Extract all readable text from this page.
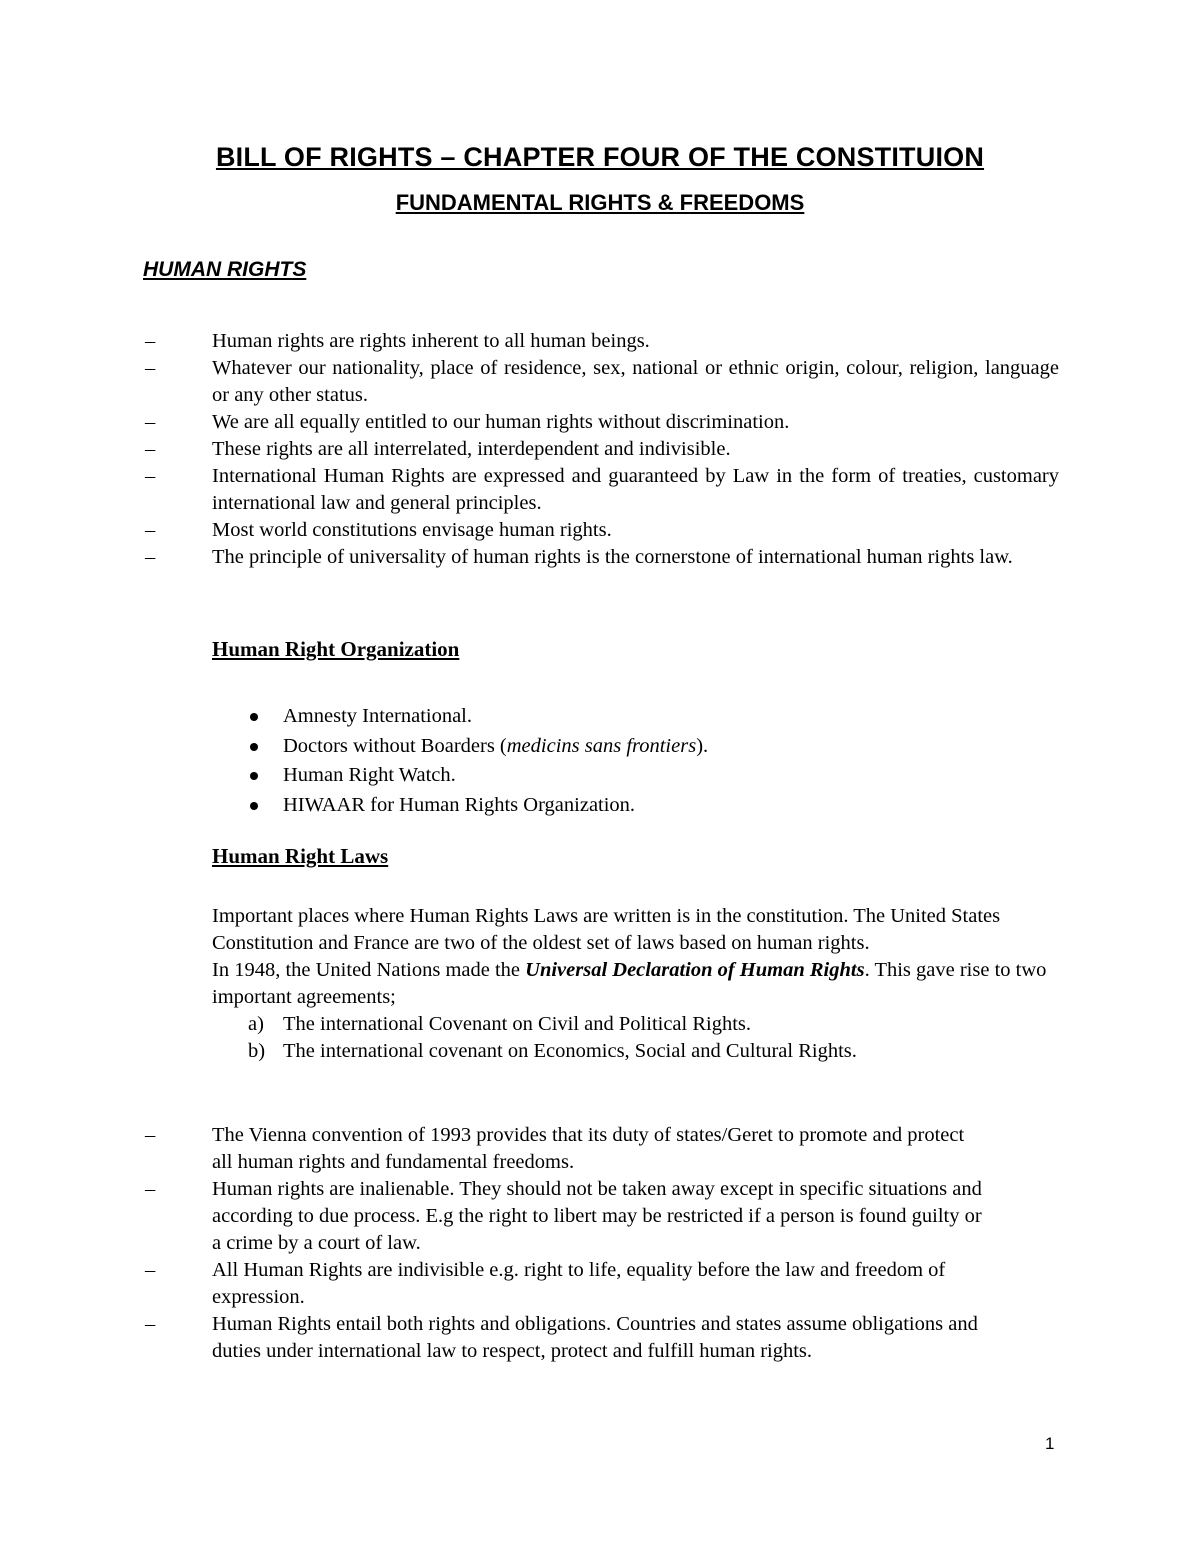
BILL OF RIGHTS – CHAPTER FOUR OF THE CONSTITUION
FUNDAMENTAL RIGHTS & FREEDOMS
HUMAN RIGHTS
–	Human rights are rights inherent to all human beings.
–	Whatever our nationality, place of residence, sex, national or ethnic origin, colour, religion, language or any other status.
–	We are all equally entitled to our human rights without discrimination.
–	These rights are all interrelated, interdependent and indivisible.
–	International Human Rights are expressed and guaranteed by Law in the form of treaties, customary international law and general principles.
–	Most world constitutions envisage human rights.
–	The principle of universality of human rights is the cornerstone of international human rights law.
Human Right Organization
Amnesty International.
Doctors without Boarders (medicins sans frontiers).
Human Right Watch.
HIWAAR for Human Rights Organization.
Human Right Laws

Important places where Human Rights Laws are written is in the constitution. The United States Constitution and France are two of the oldest set of laws based on human rights.

In 1948, the United Nations made the Universal Declaration of Human Rights. This gave rise to two important agreements;

a) The international Covenant on Civil and Political Rights.
b) The international covenant on Economics, Social and Cultural Rights.
–	The Vienna convention of 1993 provides that its duty of states/Geret to promote and protect all human rights and fundamental freedoms.
–	Human rights are inalienable. They should not be taken away except in specific situations and according to due process. E.g the right to libert may be restricted if a person is found guilty or a crime by a court of law.
–	All Human Rights are indivisible e.g. right to life, equality before the law and freedom of expression.
–	Human Rights entail both rights and obligations. Countries and states assume obligations and duties under international law to respect, protect and fulfill human rights.
1
